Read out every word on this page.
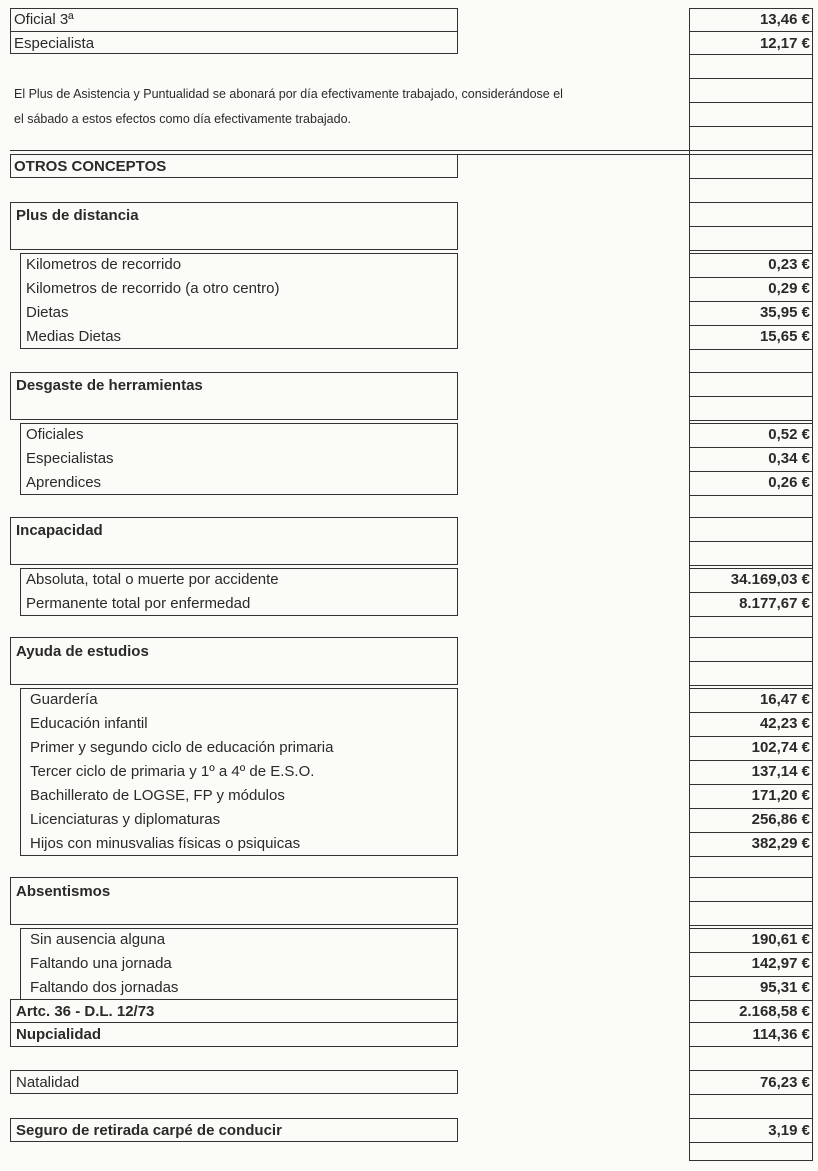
Oficial 3ª	13,46 €
Especialista	12,17 €
El Plus de Asistencia y Puntualidad se abonará por día efectivamente trabajado, considerándose el
el sábado a estos efectos como día efectivamente trabajado.
OTROS CONCEPTOS
Plus de distancia
Kilometros de recorrido	0,23 €
Kilometros de recorrido (a otro centro)	0,29 €
Dietas	35,95 €
Medias Dietas	15,65 €
Desgaste de herramientas
Oficiales	0,52 €
Especialistas	0,34 €
Aprendices	0,26 €
Incapacidad
Absoluta, total o muerte por accidente	34.169,03 €
Permanente total por enfermedad	8.177,67 €
Ayuda de estudios
Guardería	16,47 €
Educación infantil	42,23 €
Primer y segundo ciclo de educación primaria	102,74 €
Tercer ciclo de primaria y 1º a 4º de E.S.O.	137,14 €
Bachillerato de LOGSE, FP y módulos	171,20 €
Licenciaturas y diplomaturas	256,86 €
Hijos con minusvalias físicas o psiquicas	382,29 €
Absentismos
Sin ausencia alguna	190,61 €
Faltando una jornada	142,97 €
Faltando dos jornadas	95,31 €
Artc. 36 - D.L. 12/73	2.168,58 €
Nupcialidad	114,36 €
Natalidad	76,23 €
Seguro de retirada carpé de conducir	3,19 €
